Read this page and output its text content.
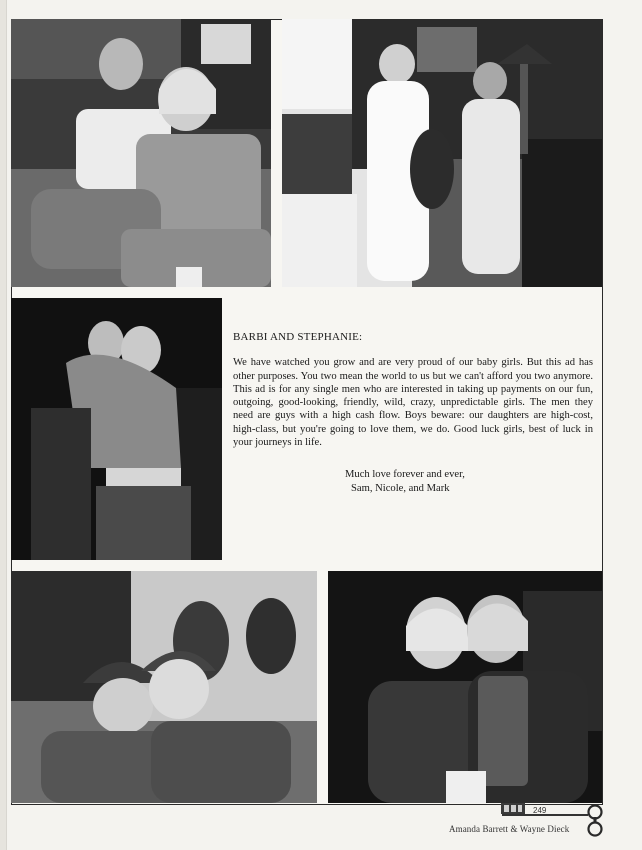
BARBI AND STEPHANIE:

We have watched you grow and are very proud of our baby girls. But this ad has other purposes. You two mean the world to us but we can't afford you two anymore. This ad is for any single men who are interested in taking up payments on our fun, outgoing, good-looking, friendly, wild, crazy, unpredictable girls. The men they need are guys with a high cash flow. Boys beware: our daughters are high-cost, high-class, but you're going to love them, we do. Good luck girls, best of luck in your journeys in life.

Much love forever and ever,
Sam, Nicole, and Mark
249
Amanda Barrett & Wayne Dieck
